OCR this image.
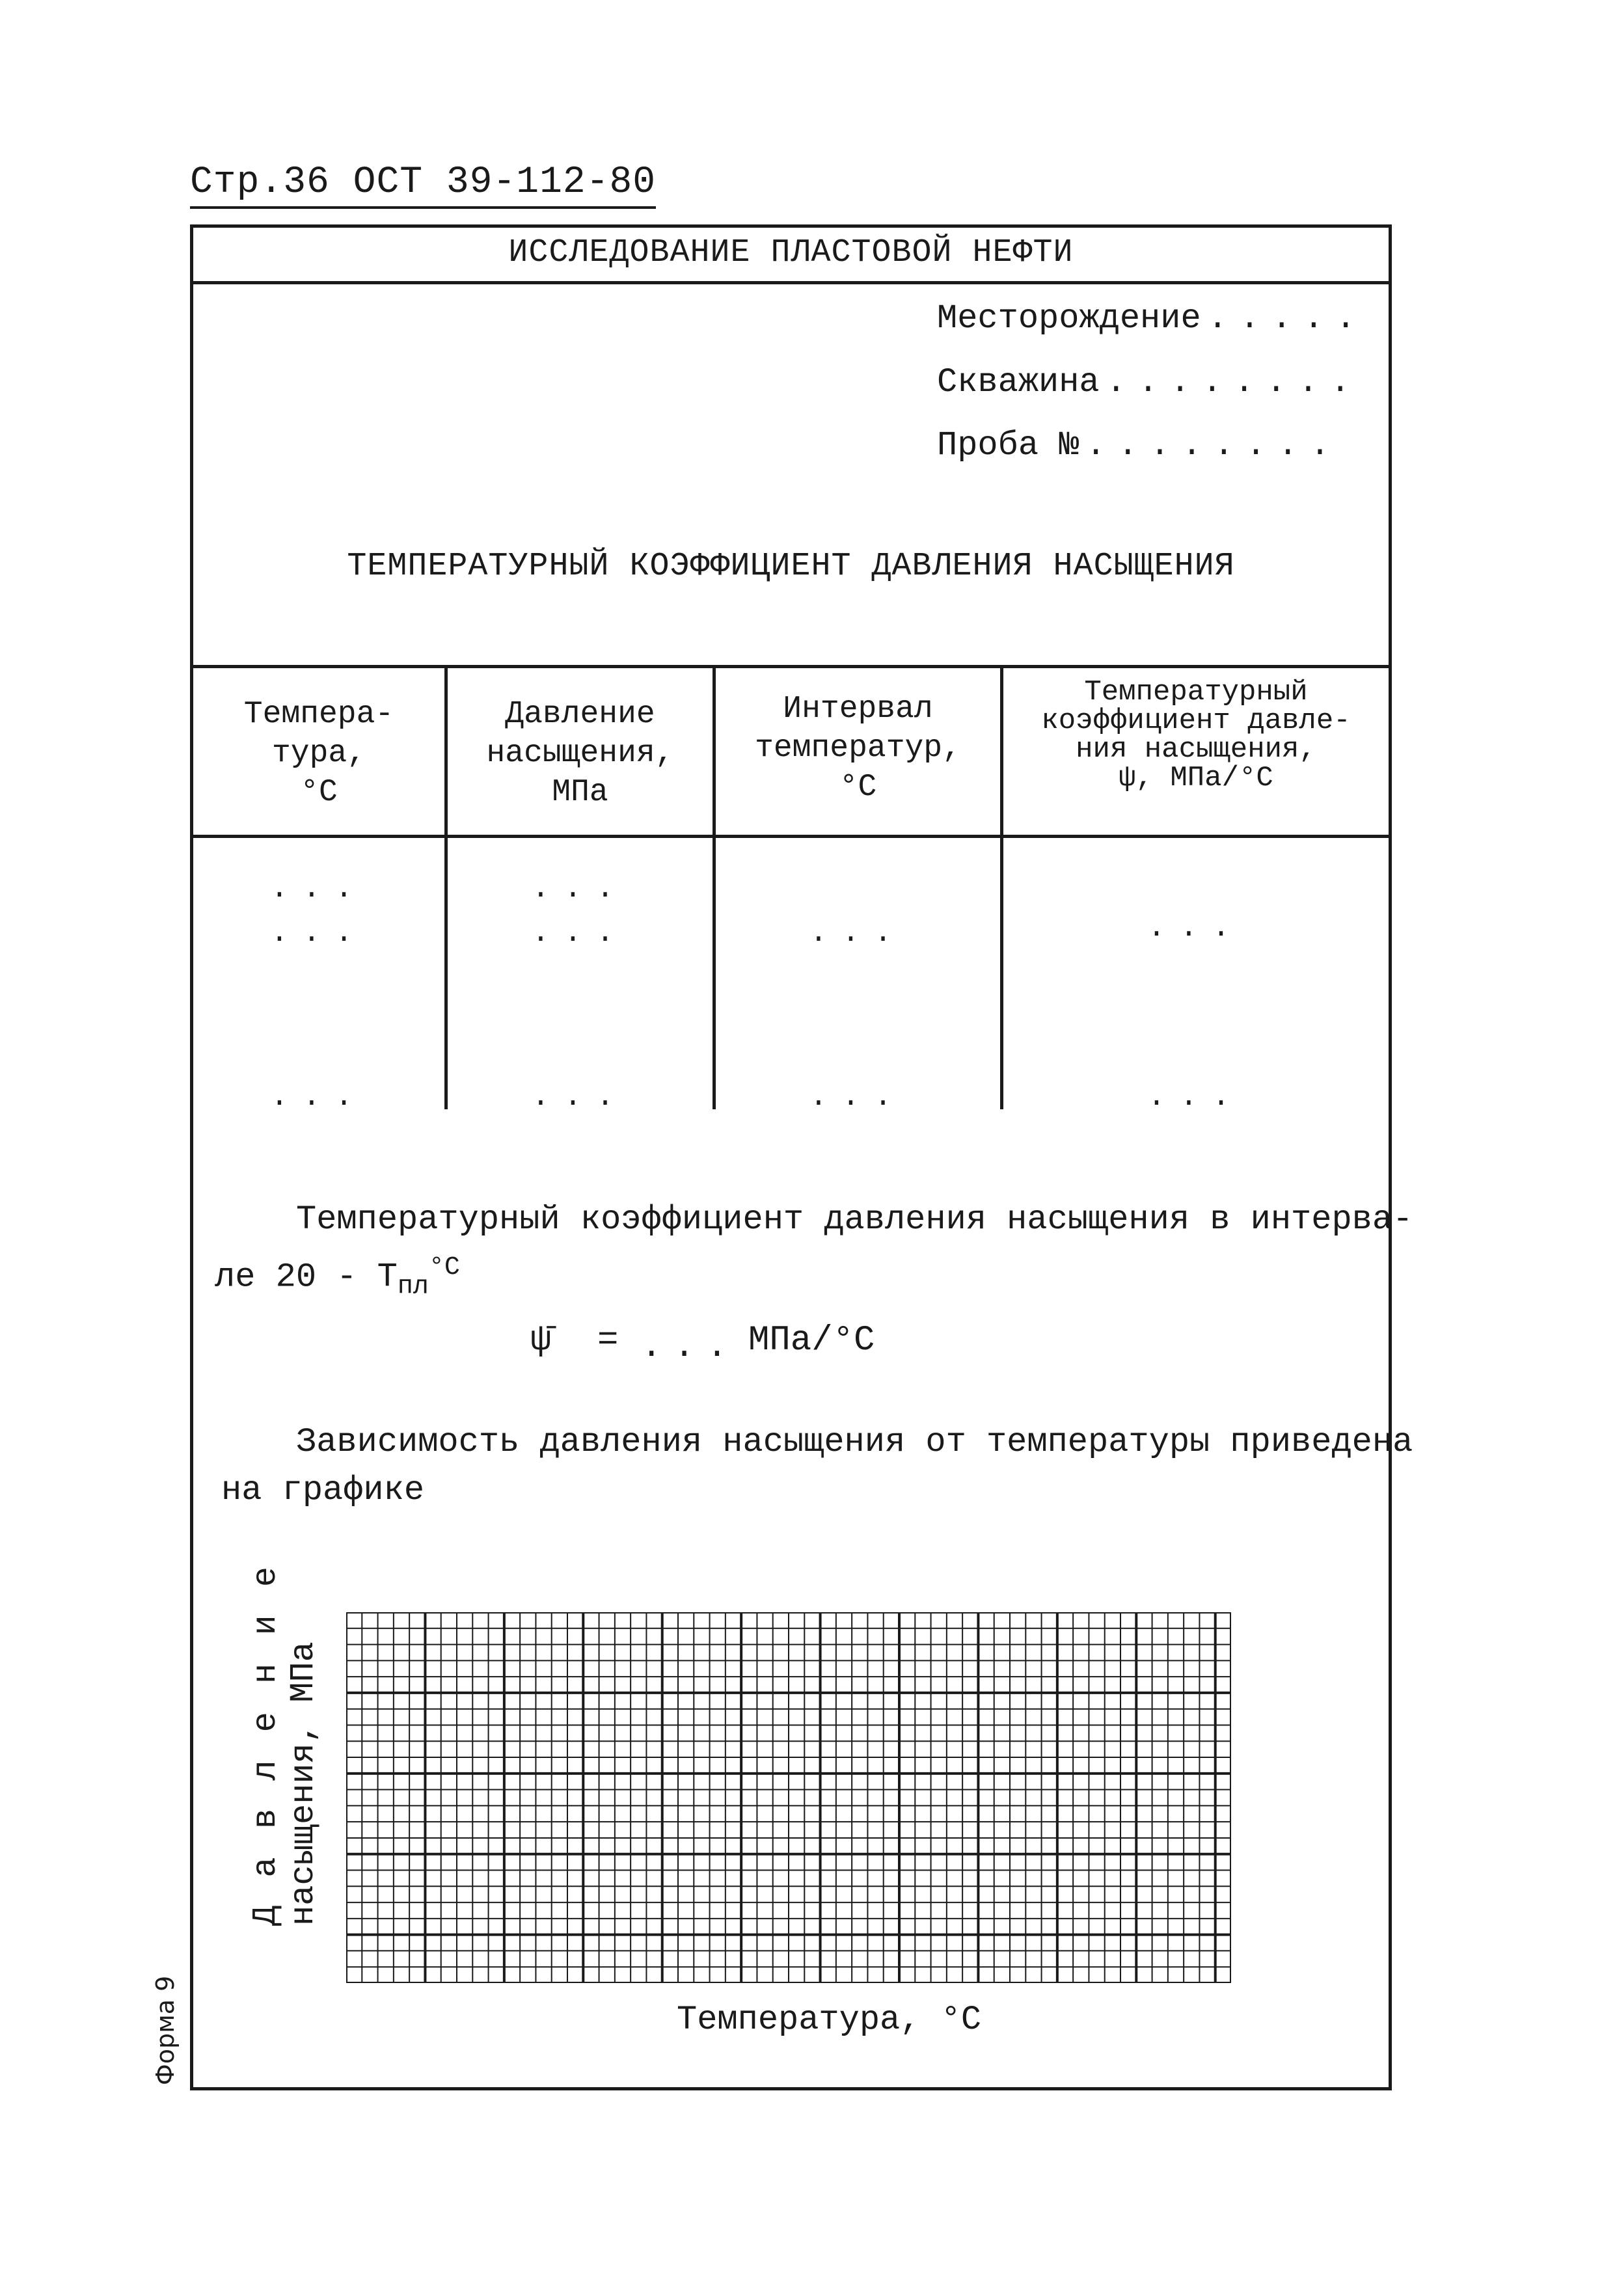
Стр.36 ОСТ 39-112-80
ИССЛЕДОВАНИЕ ПЛАСТОВОЙ НЕФТИ
Месторождение .....
Скважина ........
Проба № ........
ТЕМПЕРАТУРНЫЙ КОЭФФИЦИЕНТ ДАВЛЕНИЯ НАСЫЩЕНИЯ
Темпера-
тура,
°C
Давление
насыщения,
МПа
Интервал
температур,
°C
Температурный
коэффициент давле-
ния насыщения,
ψ, МПа/°C
...
...
...
...
...
...
...
...
...
...
Температурный коэффициент давления насыщения в интерва-
ле $20 - Т_{пл}^{^\circ C}$
ψ̄ = ... МПа/°C
Зависимость давления насыщения от температуры приведена
на графике
Д а в л е н и е насыщения, МПа
Температура, °C
Форма 9
